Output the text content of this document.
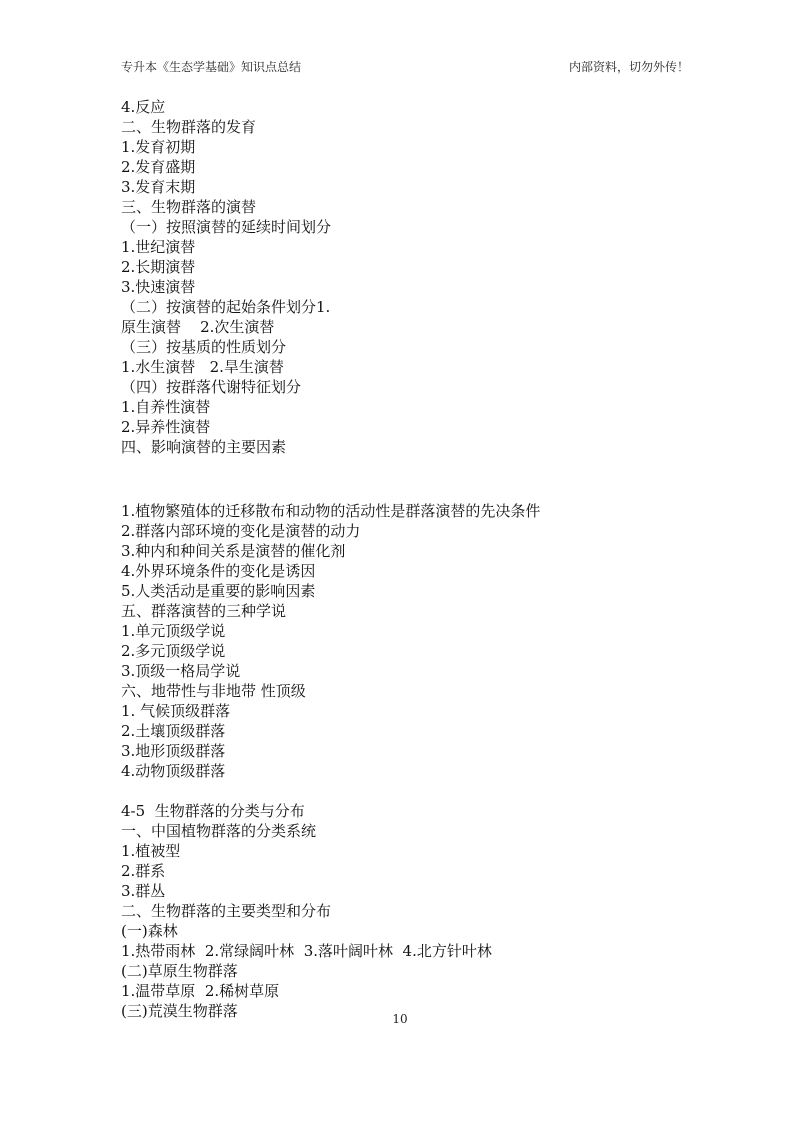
专升本《生态学基础》知识点总结	内部资料，切勿外传！
4.反应
二、生物群落的发育
1.发育初期
2.发育盛期
3.发育末期
三、生物群落的演替
（一）按照演替的延续时间划分
1.世纪演替
2.长期演替
3.快速演替
（二）按演替的起始条件划分1.
原生演替    2.次生演替
（三）按基质的性质划分
1.水生演替   2.旱生演替
（四）按群落代谢特征划分
1.自养性演替
2.异养性演替
四、影响演替的主要因素
1.植物繁殖体的迁移散布和动物的活动性是群落演替的先决条件
2.群落内部环境的变化是演替的动力
3.种内和种间关系是演替的催化剂
4.外界环境条件的变化是诱因
5.人类活动是重要的影响因素
五、群落演替的三种学说
1.单元顶级学说
2.多元顶级学说
3.顶级一格局学说
六、地带性与非地带 性顶级
1. 气候顶级群落
2.土壤顶级群落
3.地形顶级群落
4.动物顶级群落
4-5  生物群落的分类与分布
一、中国植物群落的分类系统
1.植被型
2.群系
3.群丛
二、生物群落的主要类型和分布
(一)森林
1.热带雨林  2.常绿阔叶林  3.落叶阔叶林  4.北方针叶林
(二)草原生物群落
1.温带草原  2.稀树草原
(三)荒漠生物群落	10
